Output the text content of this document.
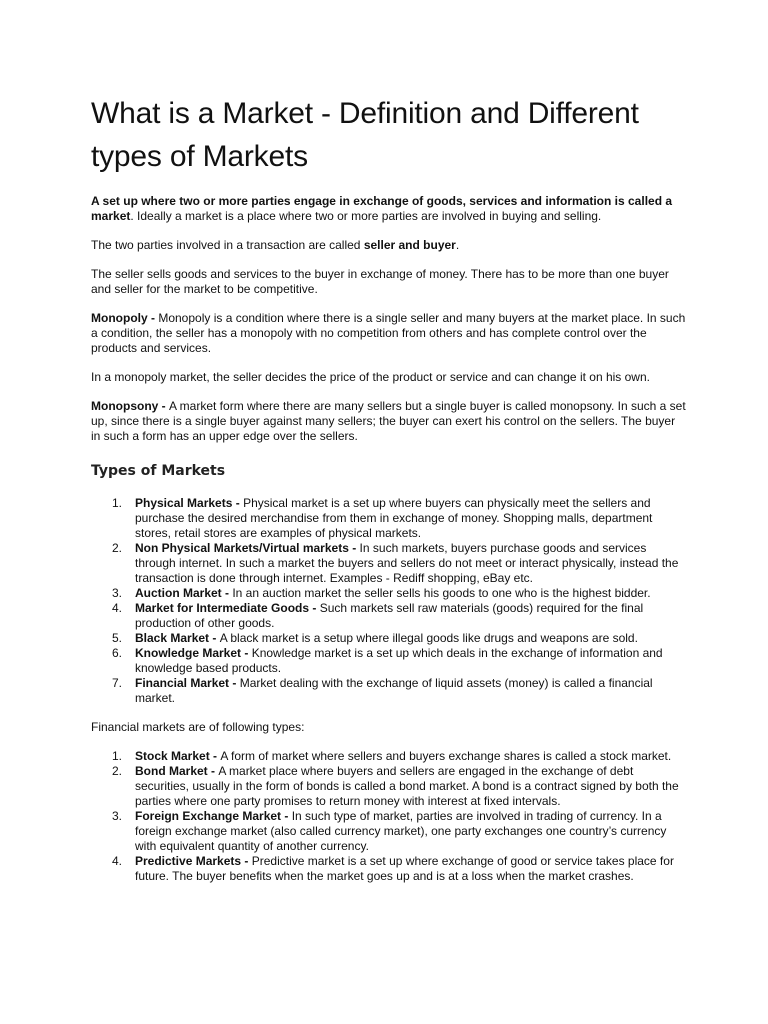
What is a Market - Definition and Different types of Markets

A set up where two or more parties engage in exchange of goods, services and information is called a market. Ideally a market is a place where two or more parties are involved in buying and selling.

The two parties involved in a transaction are called seller and buyer.

The seller sells goods and services to the buyer in exchange of money. There has to be more than one buyer and seller for the market to be competitive.

Monopoly - Monopoly is a condition where there is a single seller and many buyers at the market place. In such a condition, the seller has a monopoly with no competition from others and has complete control over the products and services.

In a monopoly market, the seller decides the price of the product or service and can change it on his own.

Monopsony - A market form where there are many sellers but a single buyer is called monopsony. In such a set up, since there is a single buyer against many sellers; the buyer can exert his control on the sellers. The buyer in such a form has an upper edge over the sellers.

Types of Markets
1. Physical Markets - Physical market is a set up where buyers can physically meet the sellers and purchase the desired merchandise from them in exchange of money. Shopping malls, department stores, retail stores are examples of physical markets.
2. Non Physical Markets/Virtual markets - In such markets, buyers purchase goods and services through internet. In such a market the buyers and sellers do not meet or interact physically, instead the transaction is done through internet. Examples - Rediff shopping, eBay etc.
3. Auction Market - In an auction market the seller sells his goods to one who is the highest bidder.
4. Market for Intermediate Goods - Such markets sell raw materials (goods) required for the final production of other goods.
5. Black Market - A black market is a setup where illegal goods like drugs and weapons are sold.
6. Knowledge Market - Knowledge market is a set up which deals in the exchange of information and knowledge based products.
7. Financial Market - Market dealing with the exchange of liquid assets (money) is called a financial market.

Financial markets are of following types:

1. Stock Market - A form of market where sellers and buyers exchange shares is called a stock market.
2. Bond Market - A market place where buyers and sellers are engaged in the exchange of debt securities, usually in the form of bonds is called a bond market. A bond is a contract signed by both the parties where one party promises to return money with interest at fixed intervals.
3. Foreign Exchange Market - In such type of market, parties are involved in trading of currency. In a foreign exchange market (also called currency market), one party exchanges one country’s currency with equivalent quantity of another currency.
4. Predictive Markets - Predictive market is a set up where exchange of good or service takes place for future. The buyer benefits when the market goes up and is at a loss when the market crashes.
